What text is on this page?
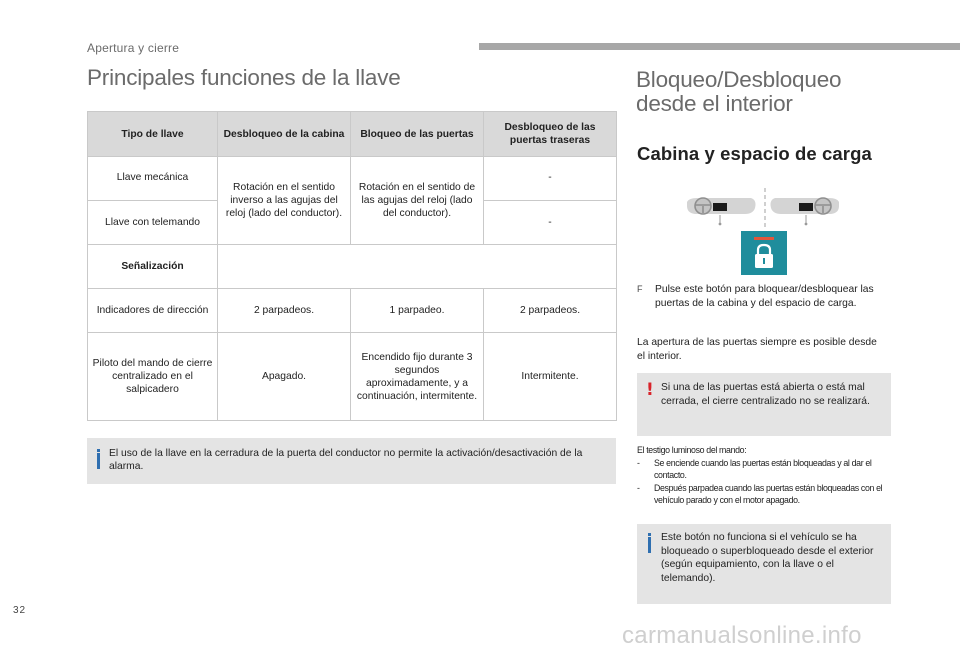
Apertura y cierre
Principales funciones de la llave
Tipo de llave	Desbloqueo de la cabina	Bloqueo de las puertas	Desbloqueo de las puertas traseras
Llave mecánica	Rotación en el sentido inverso a las agujas del reloj (lado del conductor).	Rotación en el sentido de las agujas del reloj (lado del conductor).	-
Llave con telemando			-
Señalización			
Indicadores de dirección	2 parpadeos.	1 parpadeo.	2 parpadeos.
Piloto del mando de cierre centralizado en el salpicadero	Apagado.	Encendido fijo durante 3 segundos aproximadamente, y a continuación, intermitente.	Intermitente.
El uso de la llave en la cerradura de la puerta del conductor no permite la activación/desactivación de la alarma.
Bloqueo/Desbloqueo
desde el interior
Cabina y espacio de carga
F	Pulse este botón para bloquear/desbloquear las puertas de la cabina y del espacio de carga.
La apertura de las puertas siempre es posible desde el interior.
! Si una de las puertas está abierta o está mal cerrada, el cierre centralizado no se realizará.
El testigo luminoso del mando:
- Se enciende cuando las puertas están bloqueadas y al dar el contacto.
- Después parpadea cuando las puertas están bloqueadas con el vehículo parado y con el motor apagado.
Este botón no funciona si el vehículo se ha bloqueado o superbloqueado desde el exterior (según equipamiento, con la llave o el telemando).
32
carmanualsonline.info
